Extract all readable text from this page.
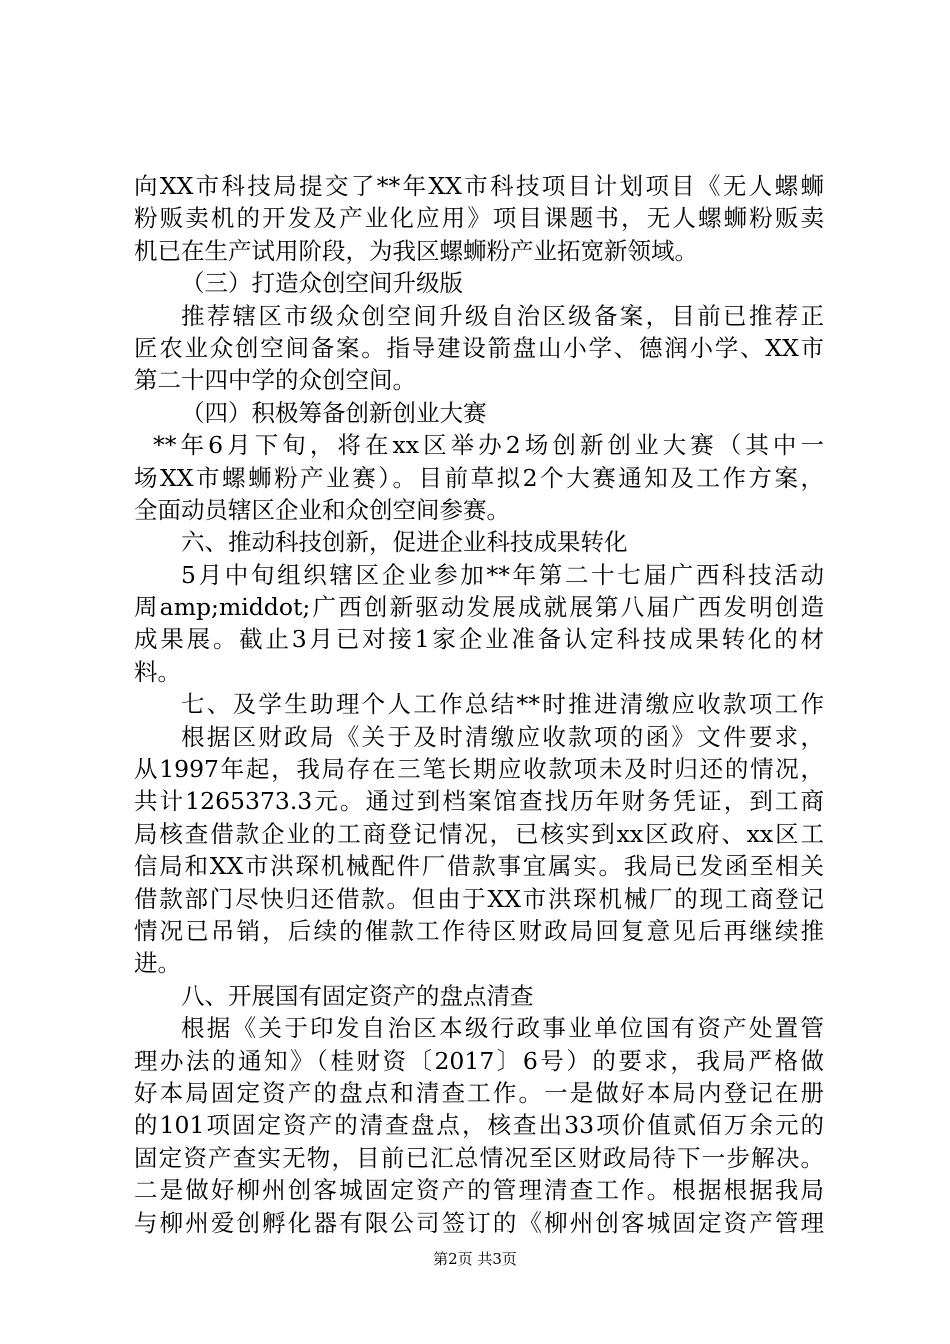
向XX市科技局提交了**年XX市科技项目计划项目《无人螺蛳
粉贩卖机的开发及产业化应用》项目课题书，无人螺蛳粉贩卖
机已在生产试用阶段，为我区螺蛳粉产业拓宽新领域。
（三）打造众创空间升级版
推荐辖区市级众创空间升级自治区级备案，目前已推荐正
匠农业众创空间备案。指导建设箭盘山小学、德润小学、XX市
第二十四中学的众创空间。
（四）积极筹备创新创业大赛
**年6月下旬，将在xx区举办2场创新创业大赛（其中一
场XX市螺蛳粉产业赛）。目前草拟2个大赛通知及工作方案，
全面动员辖区企业和众创空间参赛。
六、推动科技创新，促进企业科技成果转化
5月中旬组织辖区企业参加**年第二十七届广西科技活动
周amp;middot;广西创新驱动发展成就展第八届广西发明创造
成果展。截止3月已对接1家企业准备认定科技成果转化的材
料。
七、及学生助理个人工作总结**时推进清缴应收款项工作
根据区财政局《关于及时清缴应收款项的函》文件要求，
从1997年起，我局存在三笔长期应收款项未及时归还的情况，
共计1265373.3元。通过到档案馆查找历年财务凭证，到工商
局核查借款企业的工商登记情况，已核实到xx区政府、xx区工
信局和XX市洪琛机械配件厂借款事宜属实。我局已发函至相关
借款部门尽快归还借款。但由于XX市洪琛机械厂的现工商登记
情况已吊销，后续的催款工作待区财政局回复意见后再继续推
进。
八、开展国有固定资产的盘点清查
根据《关于印发自治区本级行政事业单位国有资产处置管
理办法的通知》（桂财资〔2017〕6号）的要求，我局严格做
好本局固定资产的盘点和清查工作。一是做好本局内登记在册
的101项固定资产的清查盘点，核查出33项价值贰佰万余元的
固定资产查实无物，目前已汇总情况至区财政局待下一步解决。
二是做好柳州创客城固定资产的管理清查工作。根据根据我局
与柳州爱创孵化器有限公司签订的《柳州创客城固定资产管理
第2页 共3页
